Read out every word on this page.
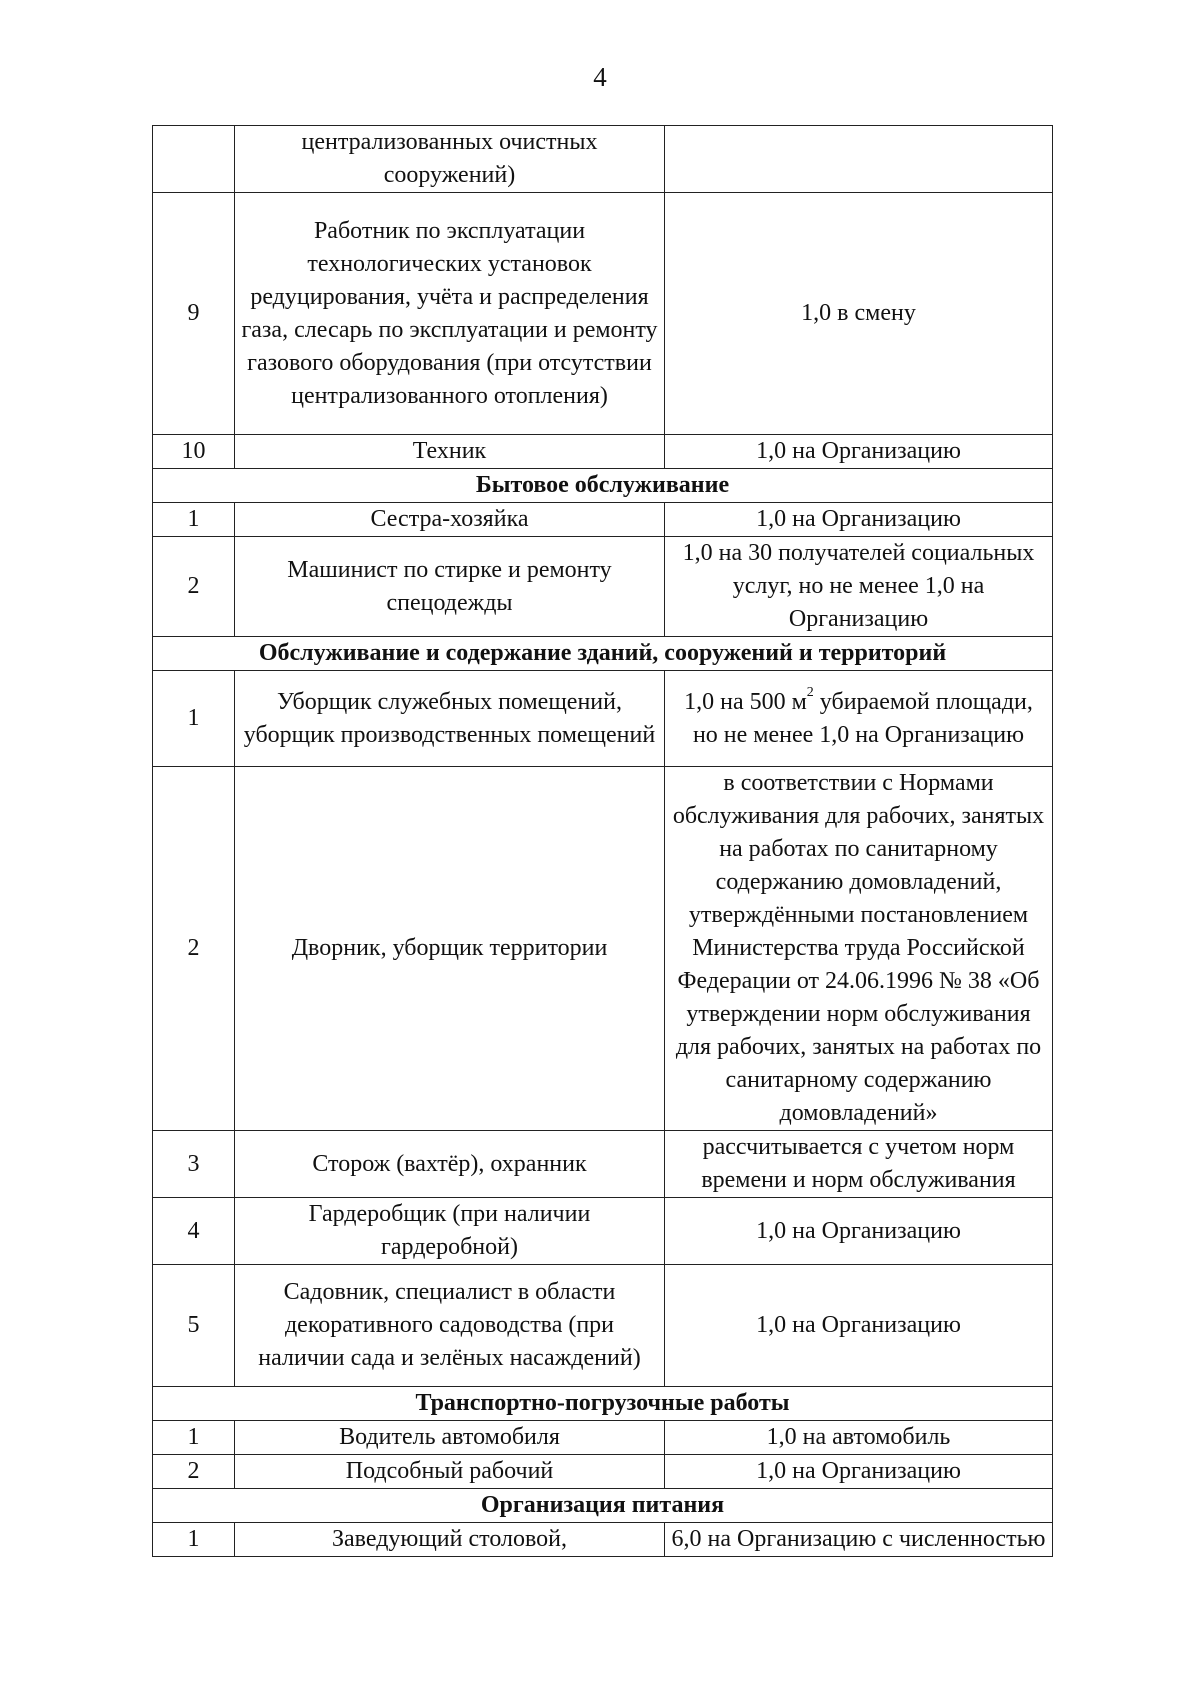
4
	централизованных очистных сооружений)	
9	Работник по эксплуатации технологических установок редуцирования, учёта и распределения газа, слесарь по эксплуатации и ремонту газового оборудования (при отсутствии централизованного отопления)	1,0 в смену
10	Техник	1,0 на Организацию
Бытовое обслуживание		
1	Сестра-хозяйка	1,0 на Организацию
2	Машинист по стирке и ремонту спецодежды	1,0 на 30 получателей социальных услуг, но не менее 1,0 на Организацию
Обслуживание и содержание зданий, сооружений и территорий		
1	Уборщик служебных помещений, уборщик производственных помещений	1,0 на 500 $м^2$ убираемой площади, но не менее 1,0 на Организацию
2	Дворник, уборщик территории	в соответствии с Нормами обслуживания для рабочих, занятых на работах по санитарному содержанию домовладений, утверждёнными постановлением Министерства труда Российской Федерации от 24.06.1996 № 38 «Об утверждении норм обслуживания для рабочих, занятых на работах по санитарному содержанию домовладений»
3	Сторож (вахтёр), охранник	рассчитывается с учетом норм времени и норм обслуживания
4	Гардеробщик (при наличии гардеробной)	1,0 на Организацию
5	Садовник, специалист в области декоративного садоводства (при наличии сада и зелёных насаждений)	1,0 на Организацию
Транспортно-погрузочные работы		
1	Водитель автомобиля	1,0 на автомобиль
2	Подсобный рабочий	1,0 на Организацию
Организация питания		
1	Заведующий столовой,	6,0 на Организацию с численностью
